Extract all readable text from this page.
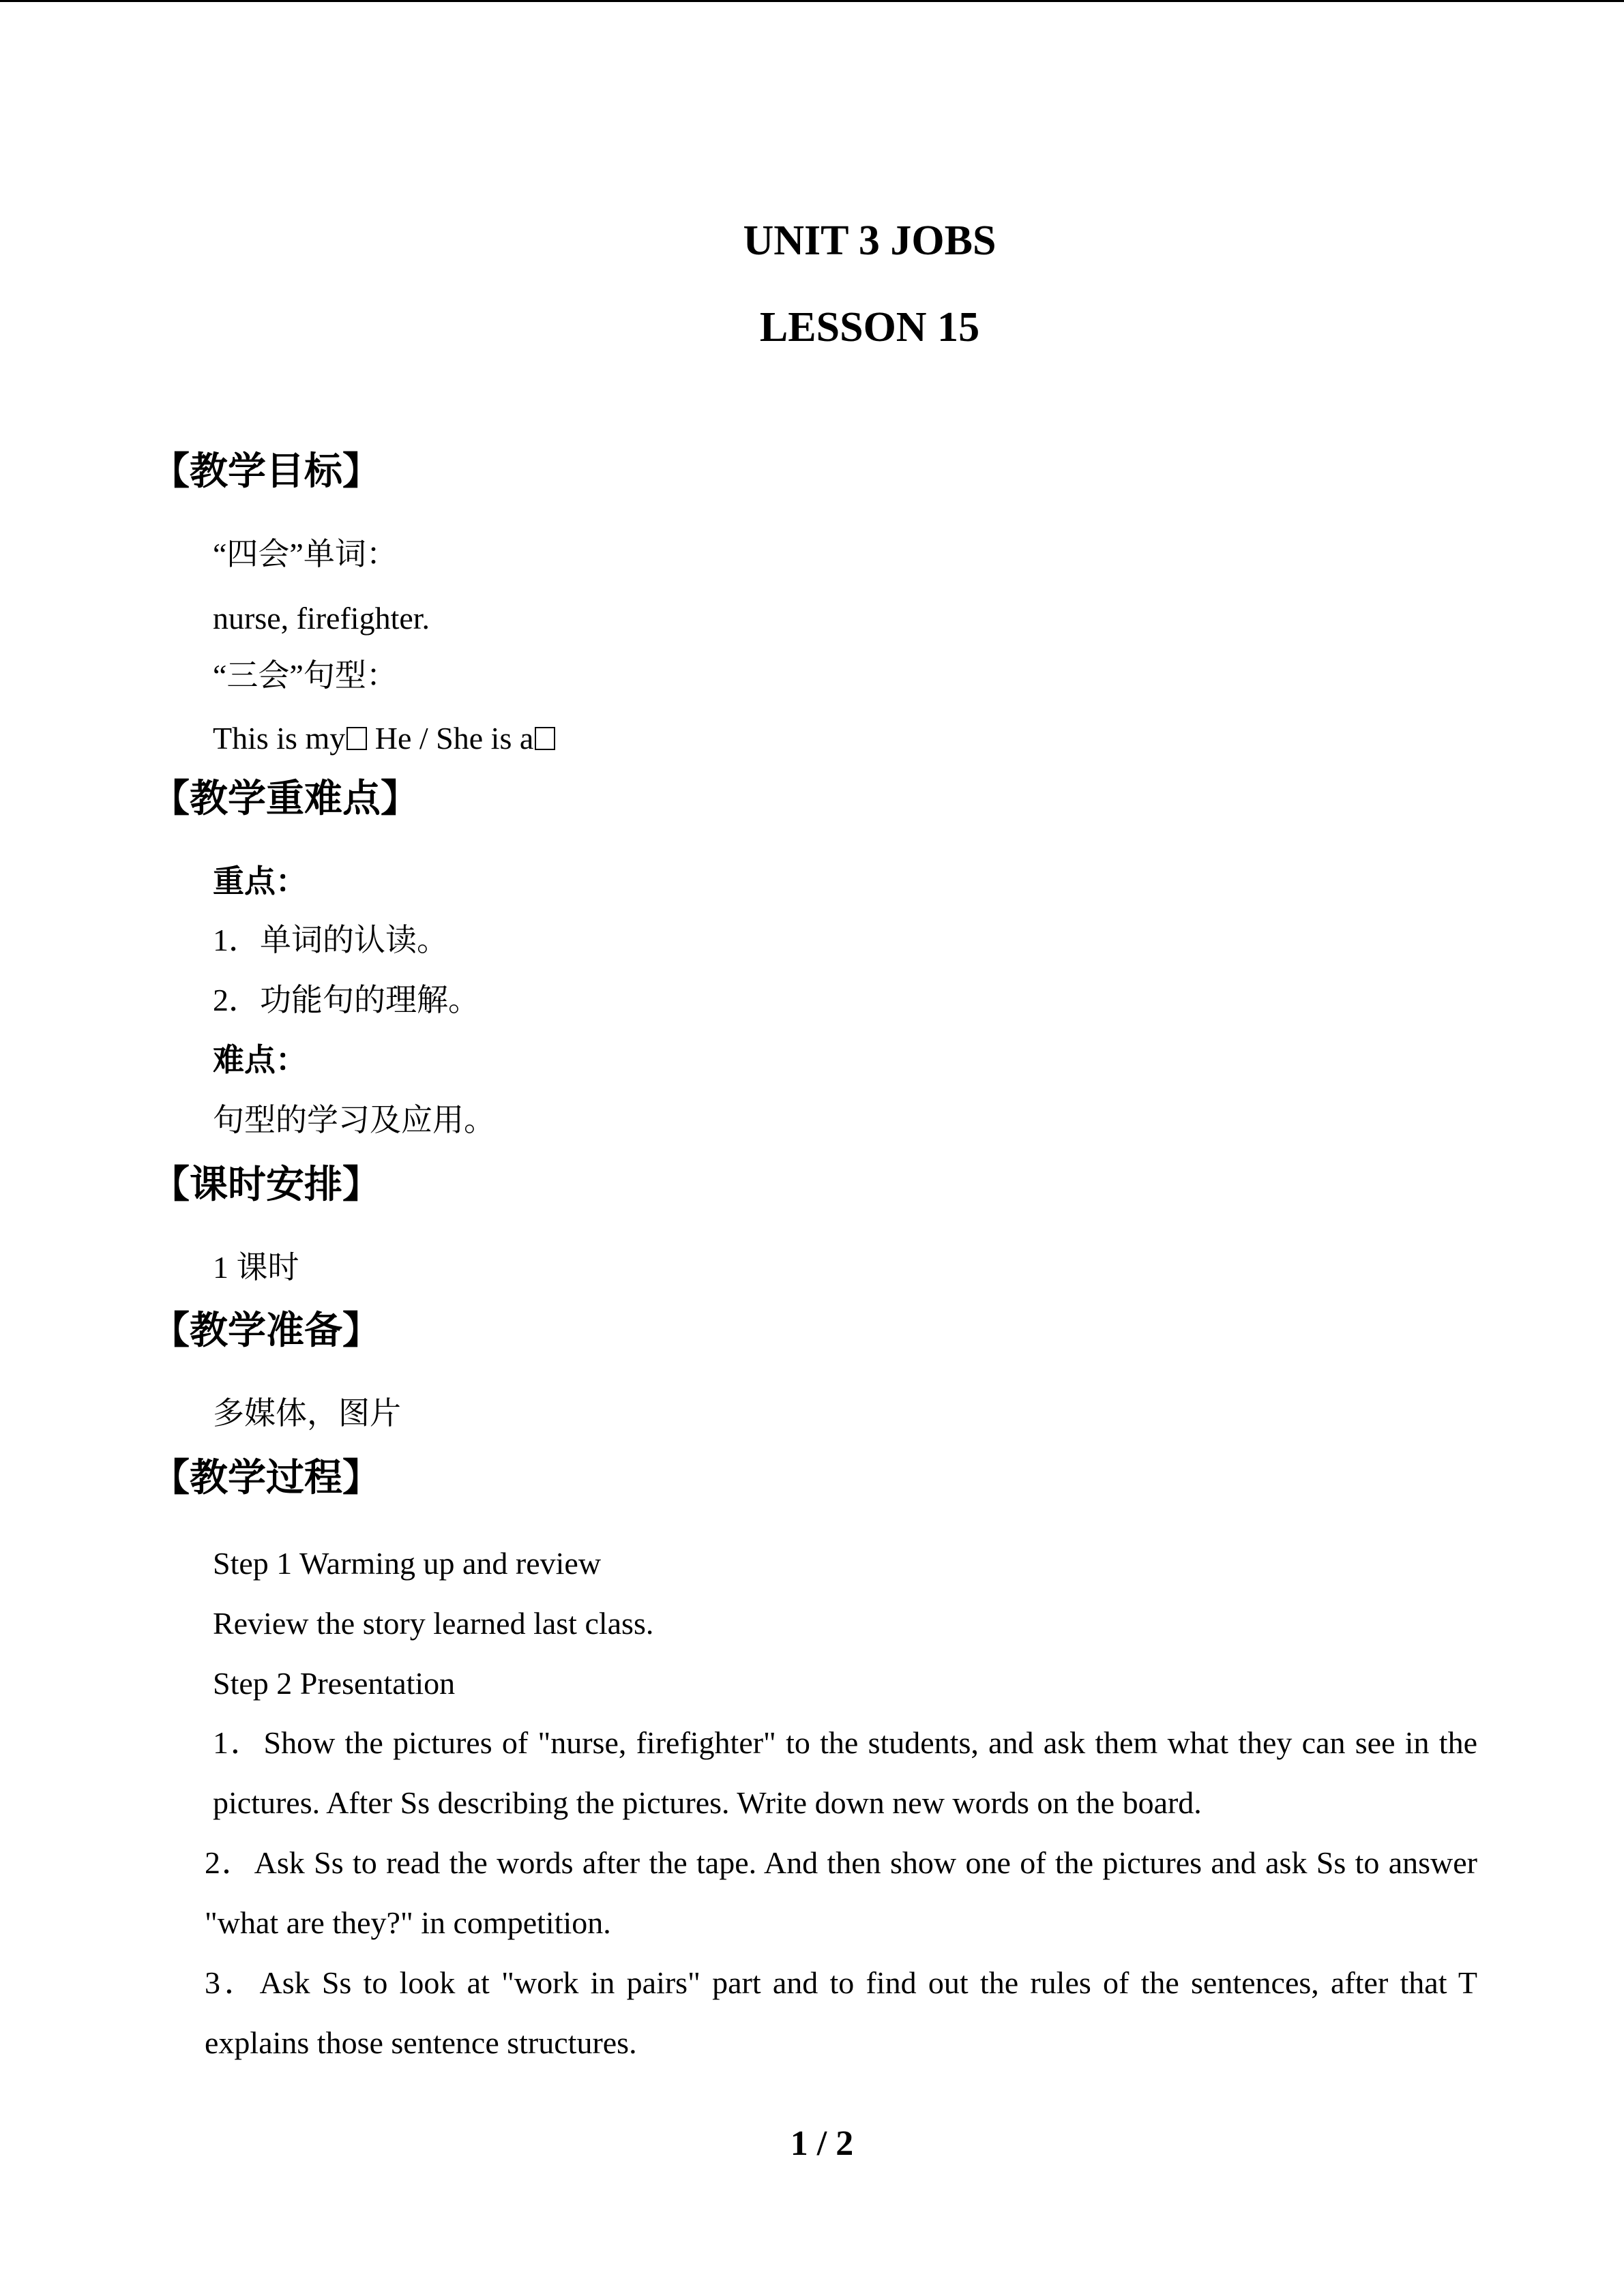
UNIT 3 JOBS
LESSON 15
【教学目标】
“四会”单词：
nurse, firefighter.
“三会”句型：
This is my He / She is a
【教学重难点】
重点：
1．单词的认读。
2．功能句的理解。
难点：
句型的学习及应用。
【课时安排】
1 课时
【教学准备】
多媒体，图片
【教学过程】
Step 1 Warming up and review
Review the story learned last class.
Step 2 Presentation
1．Show the pictures of "nurse, firefighter" to the students, and ask them what they can see in the pictures. After Ss describing the pictures. Write down new words on the board.
2．Ask Ss to read the words after the tape. And then show one of the pictures and ask Ss to answer "what are they?" in competition.
3．Ask Ss to look at "work in pairs" part and to find out the rules of the sentences, after that T explains those sentence structures.
1 / 2
